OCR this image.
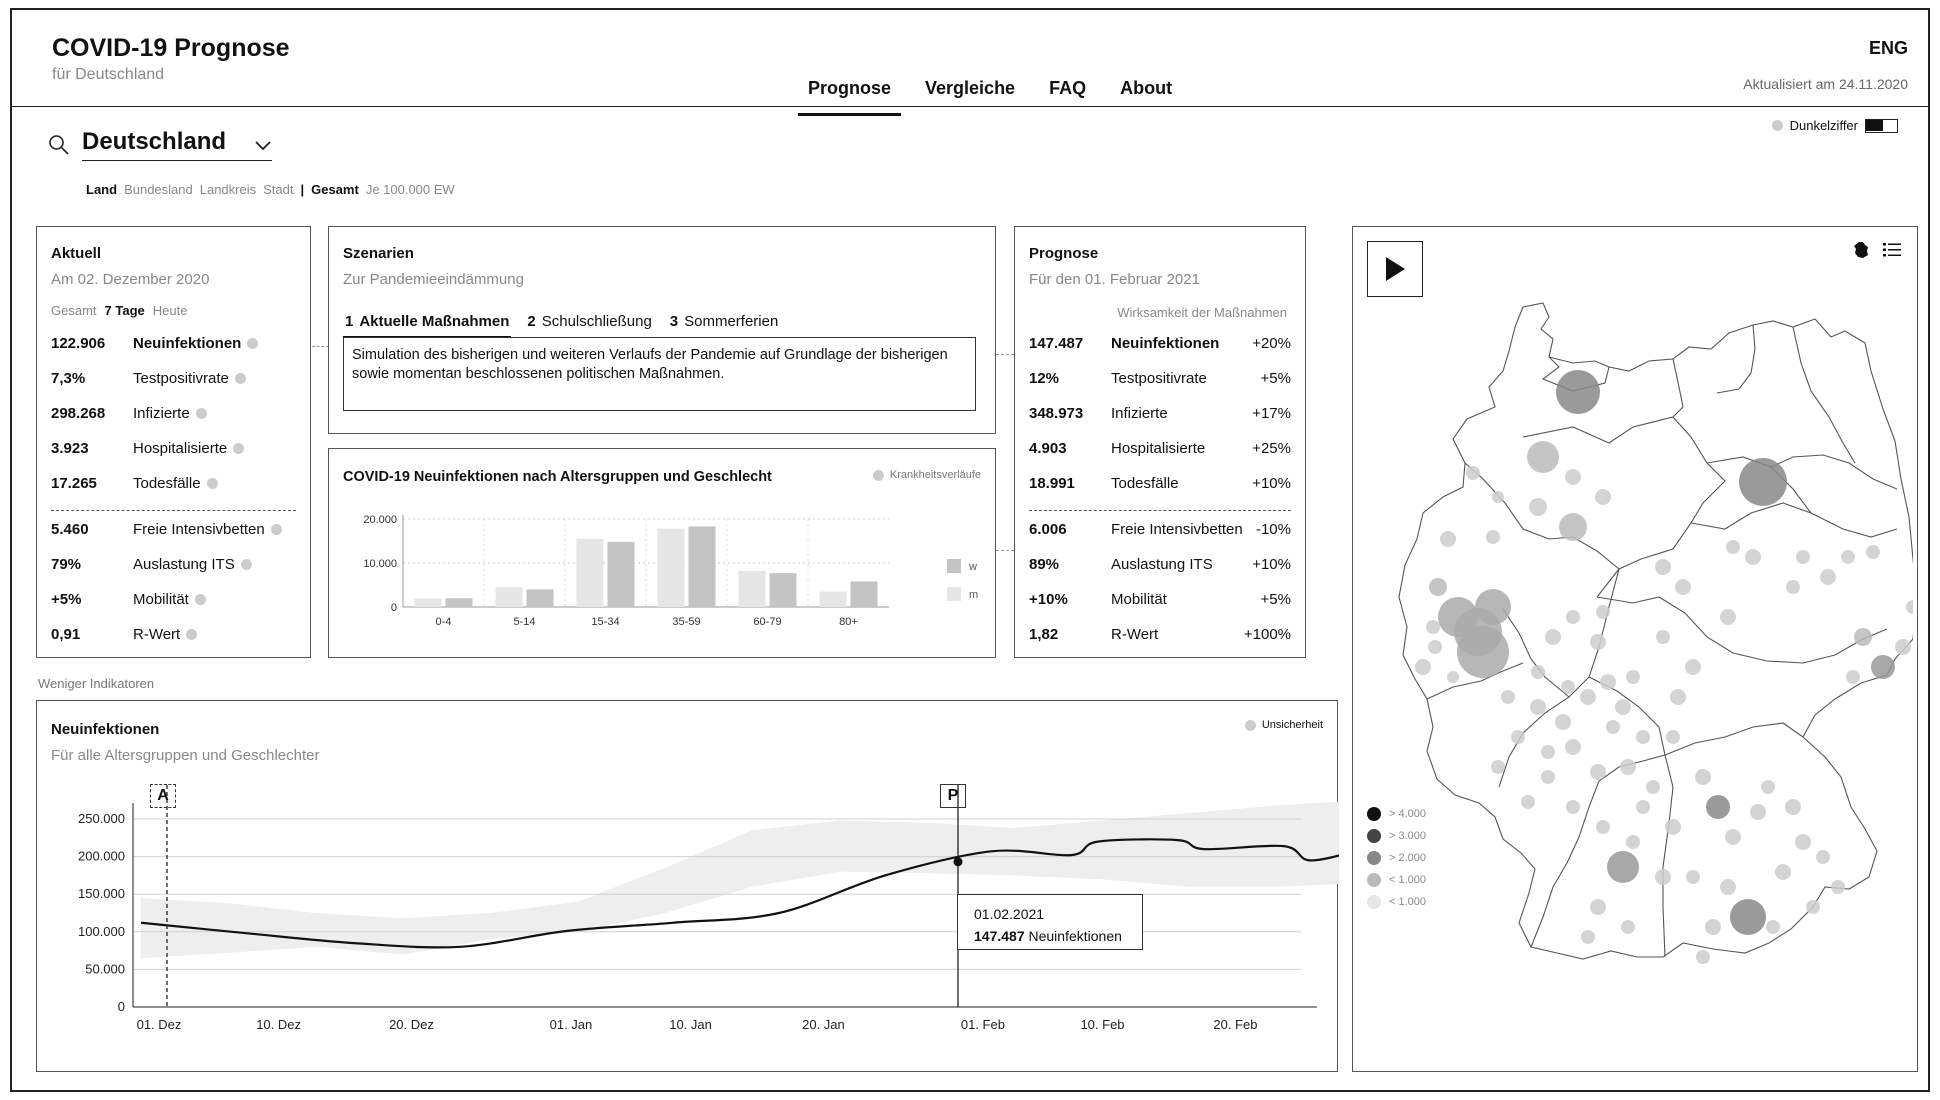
COVID-19 Prognose
für Deutschland
Prognose	Vergleiche	FAQ	About
ENG
Aktualisiert am 24.11.2020
Deutschland
Land Bundesland Landkreis Stadt | Gesamt Je 100.000 EW
Dunkelziffer
Aktuell
Am 02. Dezember 2020
Gesamt 7 Tage Heute
122.906	Neuinfektionen
7,3%	Testpositivrate
298.268	Infizierte
3.923	Hospitalisierte
17.265	Todesfälle
5.460	Freie Intensivbetten
79%	Auslastung ITS
+5%	Mobilität
0,91	R-Wert
Weniger Indikatoren
Szenarien
Zur Pandemieeindämmung
1 Aktuelle Maßnahmen 2 Schulschließung 3 Sommerferien
Simulation des bisherigen und weiteren Verlaufs der Pandemie auf Grundlage der bisherigen sowie momentan beschlossenen politischen Maßnahmen.
COVID-19 Neuinfektionen nach Altersgruppen und Geschlecht	Krankheitsverläufe
0
10.000
20.000
0-4	5-14	15-34	35-59	60-79	80+
w
m
Prognose
Für den 01. Februar 2021
Wirksamkeit der Maßnahmen
147.487	Neuinfektionen +20%
12%	Testpositivrate	+5%
348.973	Infizierte	+17%
4.903	Hospitalisierte	+25%
18.991	Todesfälle	+10%
6.006	Freie Intensivbetten -10%
89%	Auslastung ITS	+10%
+10%	Mobilität	+5%
1,82	R-Wert	+100%
> 4.000
> 3.000
> 2.000
< 1.000
< 1.000
Neuinfektionen
Für alle Altersgruppen und Geschlechter
Unsicherheit
0
50.000
100.000
150.000
200.000
250.000
01. Dez	10. Dez	20. Dez	01. Jan	10. Jan	20. Jan	01. Feb	10. Feb	20. Feb
A	P
01.02.2021
147.487 Neuinfektionen
